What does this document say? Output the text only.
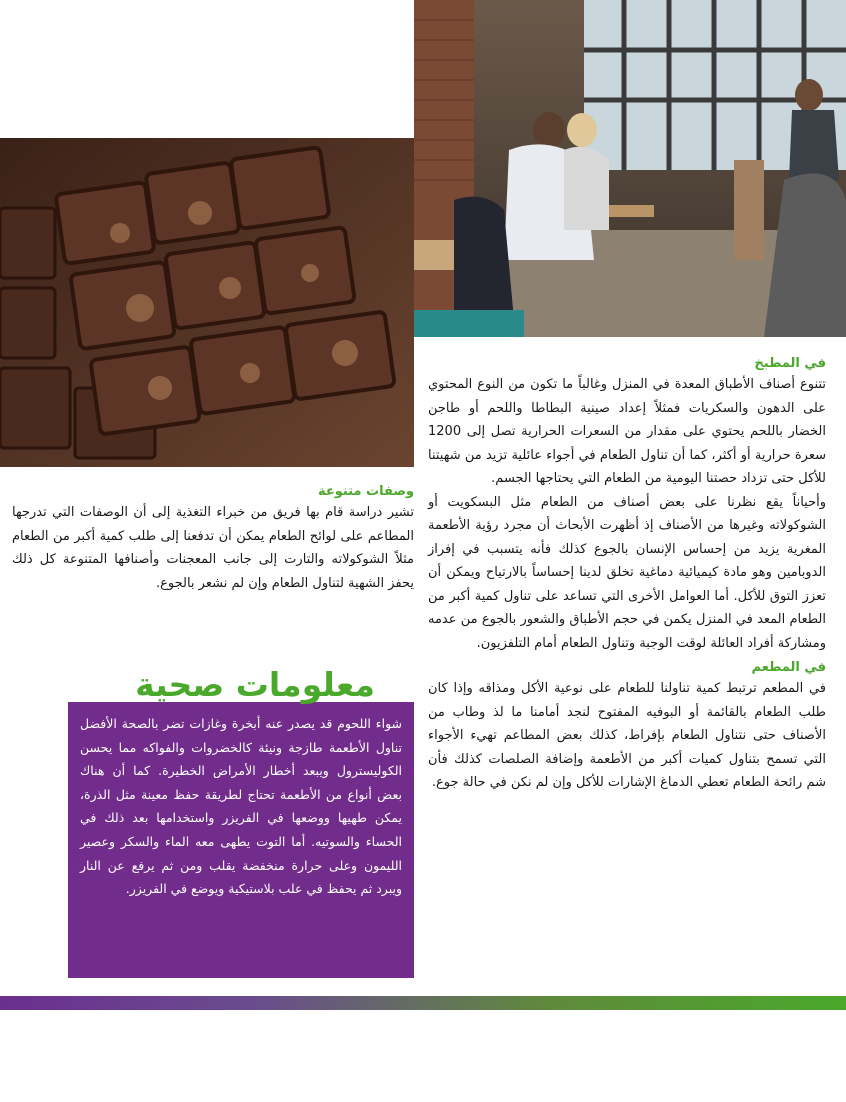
في المطبخ

تتنوع أصناف الأطباق المعدة في المنزل وغالباً ما تكون من النوع المحتوي على الدهون والسكريات فمثلاً إعداد صينية البطاطا واللحم أو طاجن الخضار باللحم يحتوي على مقدار من السعرات الحرارية تصل إلى 1200 سعرة حرارية أو أكثر، كما أن تناول الطعام في أجواء عائلية تزيد من شهيتنا للأكل حتى تزداد حصتنا اليومية من الطعام التي يحتاجها الجسم.

وأحياناً يقع نظرنا على بعض أصناف من الطعام مثل البسكويت أو الشوكولاته وغيرها من الأصناف إذ أظهرت الأبحاث أن مجرد رؤية الأطعمة المغرية يزيد من إحساس الإنسان بالجوع كذلك فأنه يتسبب في إفراز الدوبامين وهو مادة كيميائية دماغية تخلق لدينا إحساساً بالارتياح ويمكن أن تعزز التوق للأكل. أما العوامل الأخرى التي تساعد على تناول كمية أكبر من الطعام المعد في المنزل يكمن في حجم الأطباق والشعور بالجوع من عدمه ومشاركة أفراد العائلة لوقت الوجبة وتناول الطعام أمام التلفزيون.

في المطعم

في المطعم ترتبط كمية تناولنا للطعام على نوعية الأكل ومذاقه وإذا كان طلب الطعام بالقائمة أو البوفيه المفتوح لنجد أمامنا ما لذ وطاب من الأصناف حتى نتناول الطعام بإفراط، كذلك بعض المطاعم تهيء الأجواء التي تسمح بتناول كميات أكبر من الأطعمة وإضافة الصلصات كذلك فأن شم رائحة الطعام تعطي الدماغ الإشارات للأكل وإن لم نكن في حالة جوع.

وصفات متنوعة

تشير دراسة قام بها فريق من خبراء التغذية إلى أن الوصفات التي تدرجها المطاعم على لوائح الطعام يمكن أن تدفعنا إلى طلب كمية أكبر من الطعام مثلاً الشوكولاته والتارت إلى جانب المعجنات وأصنافها المتنوعة كل ذلك يحفز الشهية لتناول الطعام وإن لم نشعر بالجوع.

معلومات صحية

شواء اللحوم قد يصدر عنه أبخرة وغازات تضر بالصحة الأفضل تناول الأطعمة طازجة ونيئة كالخضروات والفواكه مما يحسن الكوليسترول ويبعد أخطار الأمراض الخطيرة. كما أن هناك بعض أنواع من الأطعمة تحتاج لطريقة حفظ معينة مثل الذرة، يمكن طهيها ووضعها في الفريزر واستخدامها بعد ذلك في الحساء والسوتيه. أما التوت يطهى معه الماء والسكر وعصير الليمون وعلى حرارة منخفضة يقلب ومن ثم يرفع عن النار ويبرد ثم يحفظ في علب بلاستيكية ويوضع في الفريزر.
